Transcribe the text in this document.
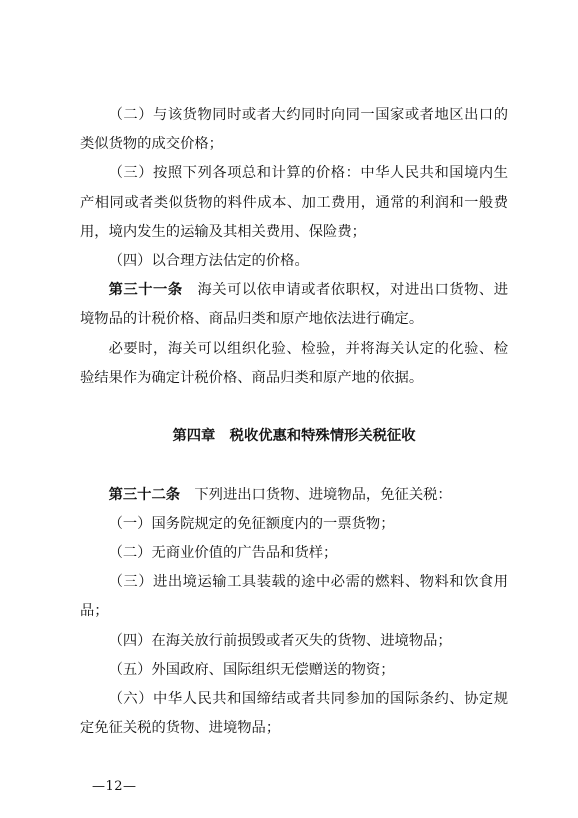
（二）与该货物同时或者大约同时向同一国家或者地区出口的类似货物的成交价格；

（三）按照下列各项总和计算的价格：中华人民共和国境内生产相同或者类似货物的料件成本、加工费用，通常的利润和一般费用，境内发生的运输及其相关费用、保险费；

（四）以合理方法估定的价格。

第三十一条　 海关可以依申请或者依职权，对进出口货物、进境物品的计税价格、商品归类和原产地依法进行确定。

必要时，海关可以组织化验、检验，并将海关认定的化验、检验结果作为确定计税价格、商品归类和原产地的依据。

第四章　税收优惠和特殊情形关税征收

第三十二条　 下列进出口货物、进境物品，免征关税：

（一）国务院规定的免征额度内的一票货物；

（二）无商业价值的广告品和货样；

（三）进出境运输工具装载的途中必需的燃料、物料和饮食用品；

（四）在海关放行前损毁或者灭失的货物、进境物品；

（五）外国政府、国际组织无偿赠送的物资；

（六）中华人民共和国缔结或者共同参加的国际条约、协定规定免征关税的货物、进境物品；

—12—
